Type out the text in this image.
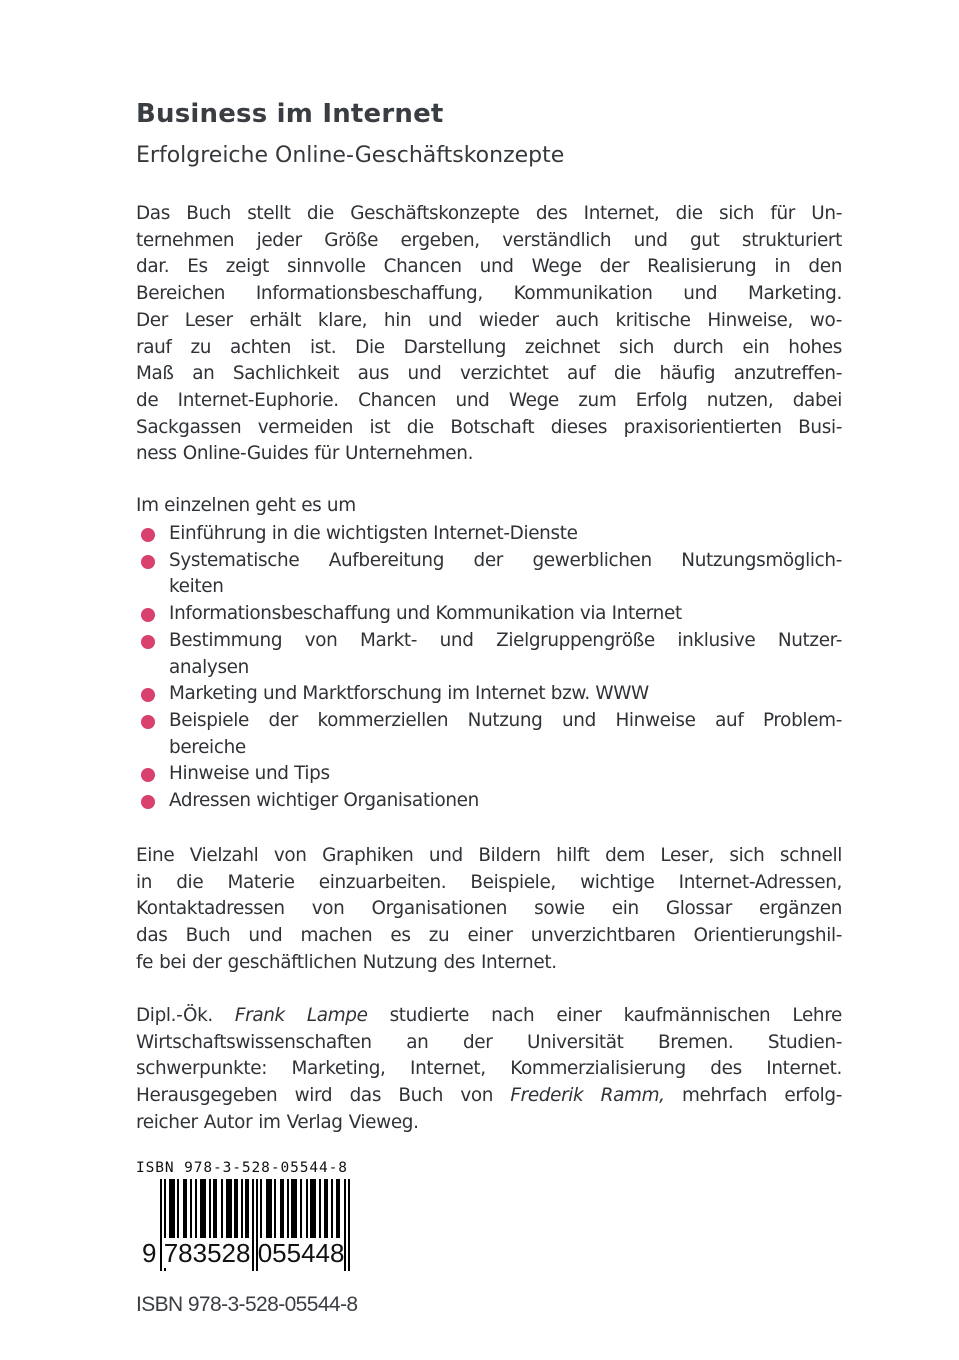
Business im Internet
Erfolgreiche Online-Geschäftskonzepte
Das Buch stellt die Geschäftskonzepte des Internet, die sich für Un-
ternehmen jeder Größe ergeben, verständlich und gut strukturiert
dar. Es zeigt sinnvolle Chancen und Wege der Realisierung in den
Bereichen Informationsbeschaffung, Kommunikation und Marketing.
Der Leser erhält klare, hin und wieder auch kritische Hinweise, wo-
rauf zu achten ist. Die Darstellung zeichnet sich durch ein hohes
Maß an Sachlichkeit aus und verzichtet auf die häufig anzutreffen-
de Internet-Euphorie. Chancen und Wege zum Erfolg nutzen, dabei
Sackgassen vermeiden ist die Botschaft dieses praxisorientierten Busi-
ness Online-Guides für Unternehmen.
Im einzelnen geht es um
Einführung in die wichtigsten Internet-Dienste
Systematische Aufbereitung der gewerblichen Nutzungsmöglich-
keiten
Informationsbeschaffung und Kommunikation via Internet
Bestimmung von Markt- und Zielgruppengröße inklusive Nutzer-
analysen
Marketing und Marktforschung im Internet bzw. WWW
Beispiele der kommerziellen Nutzung und Hinweise auf Problem-
bereiche
Hinweise und Tips
Adressen wichtiger Organisationen
Eine Vielzahl von Graphiken und Bildern hilft dem Leser, sich schnell
in die Materie einzuarbeiten. Beispiele, wichtige Internet-Adressen,
Kontaktadressen von Organisationen sowie ein Glossar ergänzen
das Buch und machen es zu einer unverzichtbaren Orientierungshil-
fe bei der geschäftlichen Nutzung des Internet.
Dipl.-Ök. Frank Lampe studierte nach einer kaufmännischen Lehre
Wirtschaftswissenschaften an der Universität Bremen. Studien-
schwerpunkte: Marketing, Internet, Kommerzialisierung des Internet.
Herausgegeben wird das Buch von Frederik Ramm, mehrfach erfolg-
reicher Autor im Verlag Vieweg.
ISBN 978-3-528-05544-8
9 783528 055448
ISBN 978-3-528-05544-8
